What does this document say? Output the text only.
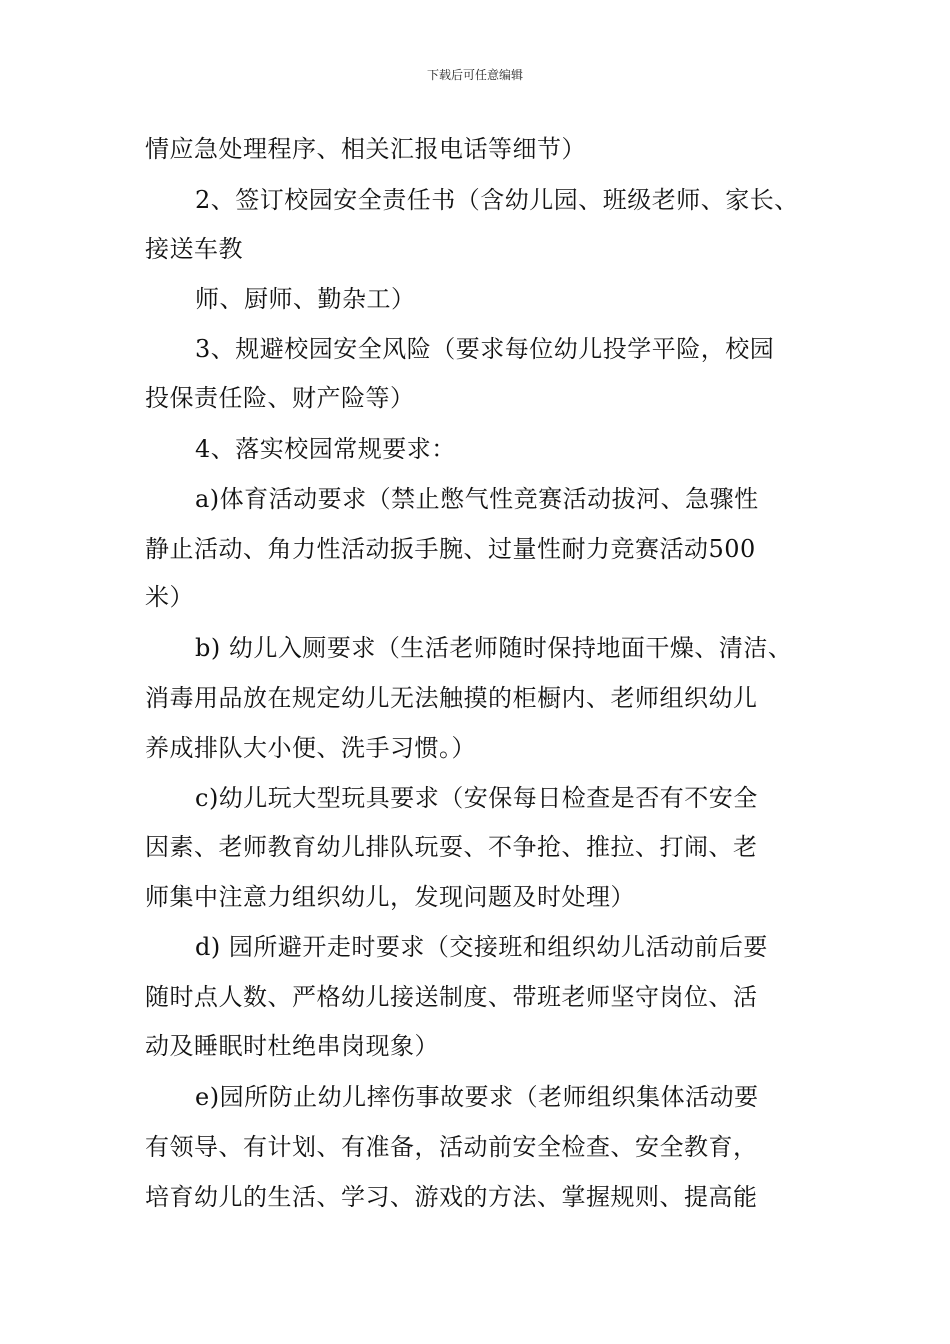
下载后可任意编辑
情应急处理程序、相关汇报电话等细节）
2、签订校园安全责任书（含幼儿园、班级老师、家长、
接送车教
师、厨师、勤杂工）
3、规避校园安全风险（要求每位幼儿投学平险，校园
投保责任险、财产险等）
4、落实校园常规要求：
a)体育活动要求（禁止憋气性竞赛活动拔河、急骤性
静止活动、角力性活动扳手腕、过量性耐力竞赛活动500
米）
b) 幼儿入厕要求（生活老师随时保持地面干燥、清洁、
消毒用品放在规定幼儿无法触摸的柜橱内、老师组织幼儿
养成排队大小便、洗手习惯。）
c)幼儿玩大型玩具要求（安保每日检查是否有不安全
因素、老师教育幼儿排队玩耍、不争抢、推拉、打闹、老
师集中注意力组织幼儿，发现问题及时处理）
d) 园所避开走时要求（交接班和组织幼儿活动前后要
随时点人数、严格幼儿接送制度、带班老师坚守岗位、活
动及睡眠时杜绝串岗现象）
e)园所防止幼儿摔伤事故要求（老师组织集体活动要
有领导、有计划、有准备，活动前安全检查、安全教育，
培育幼儿的生活、学习、游戏的方法、掌握规则、提高能
